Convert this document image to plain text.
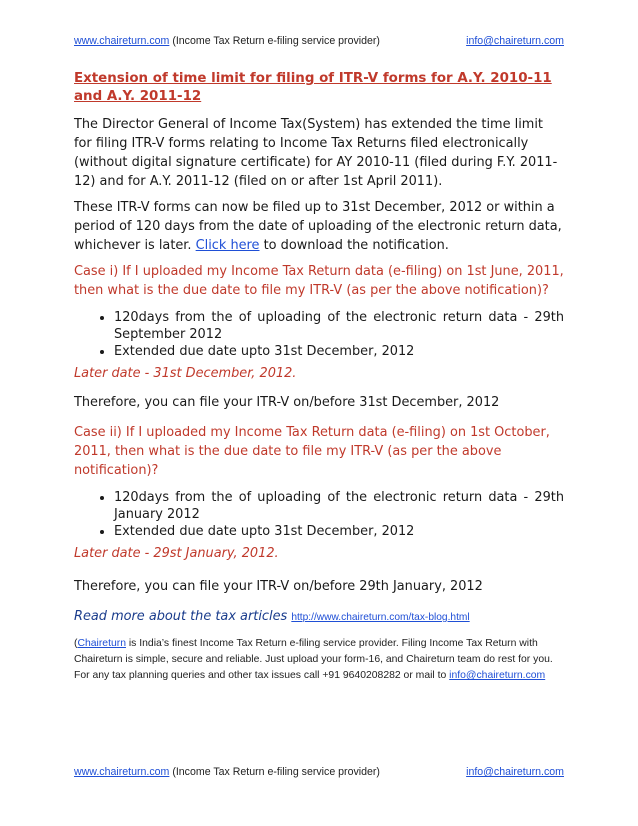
www.chaireturn.com (Income Tax Return e-filing service provider)	info@chaireturn.com
Extension of time limit for filing of ITR-V forms for A.Y. 2010-11 and A.Y. 2011-12

The Director General of Income Tax(System) has extended the time limit for filing ITR-V forms relating to Income Tax Returns filed electronically (without digital signature certificate) for AY 2010-11 (filed during F.Y. 2011-12) and for A.Y. 2011-12 (filed on or after 1st April 2011).

These ITR-V forms can now be filed up to 31st December, 2012 or within a period of 120 days from the date of uploading of the electronic return data, whichever is later. Click here to download the notification.

Case i) If I uploaded my Income Tax Return data (e-filing) on 1st June, 2011, then what is the due date to file my ITR-V (as per the above notification)?

• 120days from the of uploading of the electronic return data - 29th September 2012
• Extended due date upto 31st December, 2012

Later date - 31st December, 2012.

Therefore, you can file your ITR-V on/before 31st December, 2012

Case ii) If I uploaded my Income Tax Return data (e-filing) on 1st October, 2011, then what is the due date to file my ITR-V (as per the above notification)?

• 120days from the of uploading of the electronic return data - 29th January 2012
• Extended due date upto 31st December, 2012

Later date - 29st January, 2012.

Therefore, you can file your ITR-V on/before 29th January, 2012

Read more about the tax articles http://www.chaireturn.com/tax-blog.html

(Chaireturn is India’s finest Income Tax Return e-filing service provider. Filing Income Tax Return with Chaireturn is simple, secure and reliable. Just upload your form-16, and Chaireturn team do rest for you. For any tax planning queries and other tax issues call +91 9640208282 or mail to info@chaireturn.com

www.chaireturn.com (Income Tax Return e-filing service provider)	info@chaireturn.com
